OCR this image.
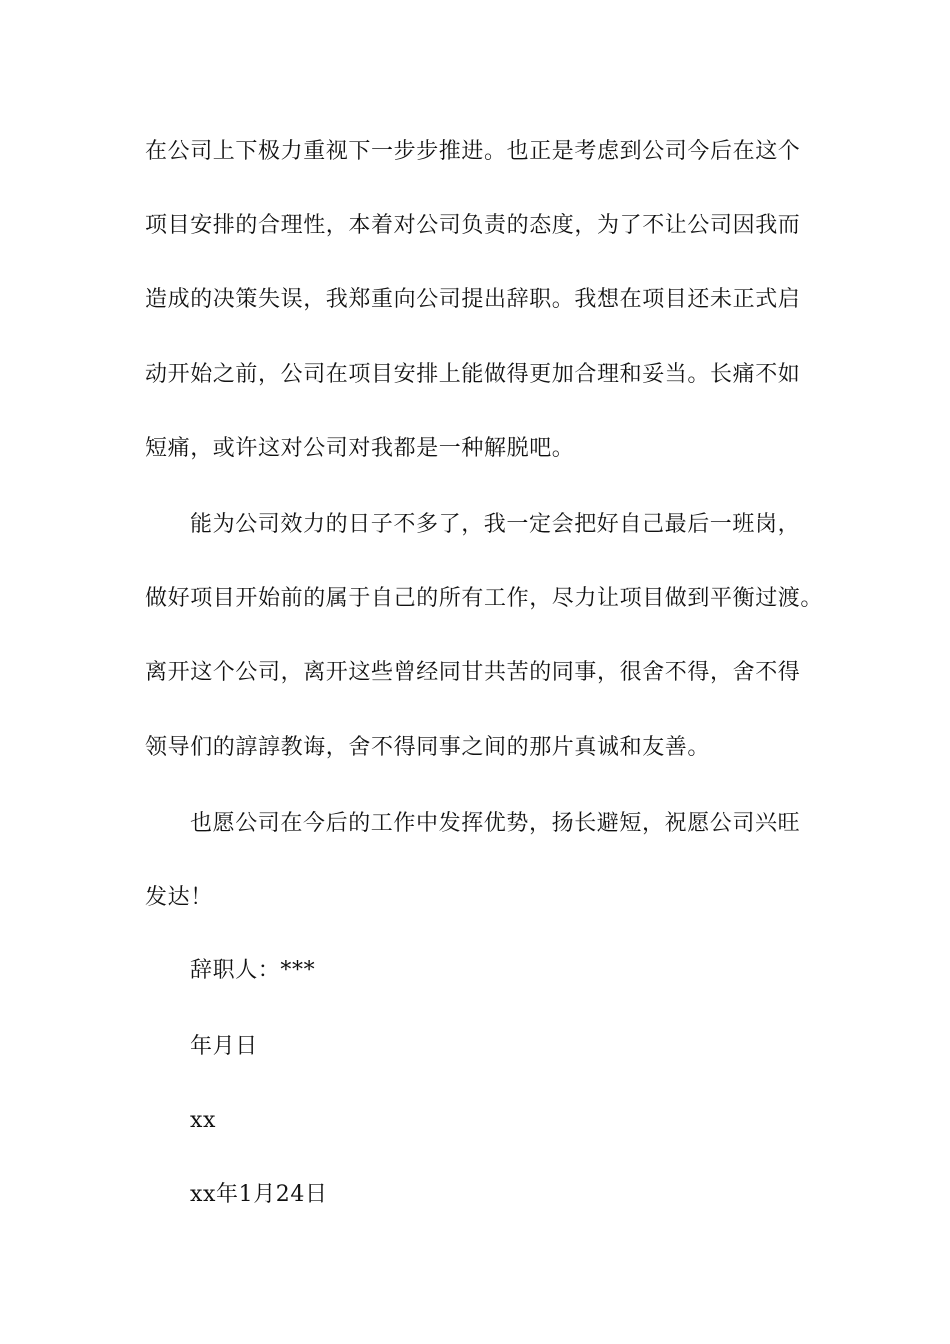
在公司上下极力重视下一步步推进。也正是考虑到公司今后在这个
项目安排的合理性，本着对公司负责的态度，为了不让公司因我而
造成的决策失误，我郑重向公司提出辞职。我想在项目还未正式启
动开始之前，公司在项目安排上能做得更加合理和妥当。长痛不如
短痛，或许这对公司对我都是一种解脱吧。
能为公司效力的日子不多了，我一定会把好自己最后一班岗，
做好项目开始前的属于自己的所有工作，尽力让项目做到平衡过渡。
离开这个公司，离开这些曾经同甘共苦的同事，很舍不得，舍不得
领导们的諄諄教诲，舍不得同事之间的那片真诚和友善。
也愿公司在今后的工作中发挥优势，扬长避短，祝愿公司兴旺
发达！
辞职人：***
年月日
xx
xx年1月24日
